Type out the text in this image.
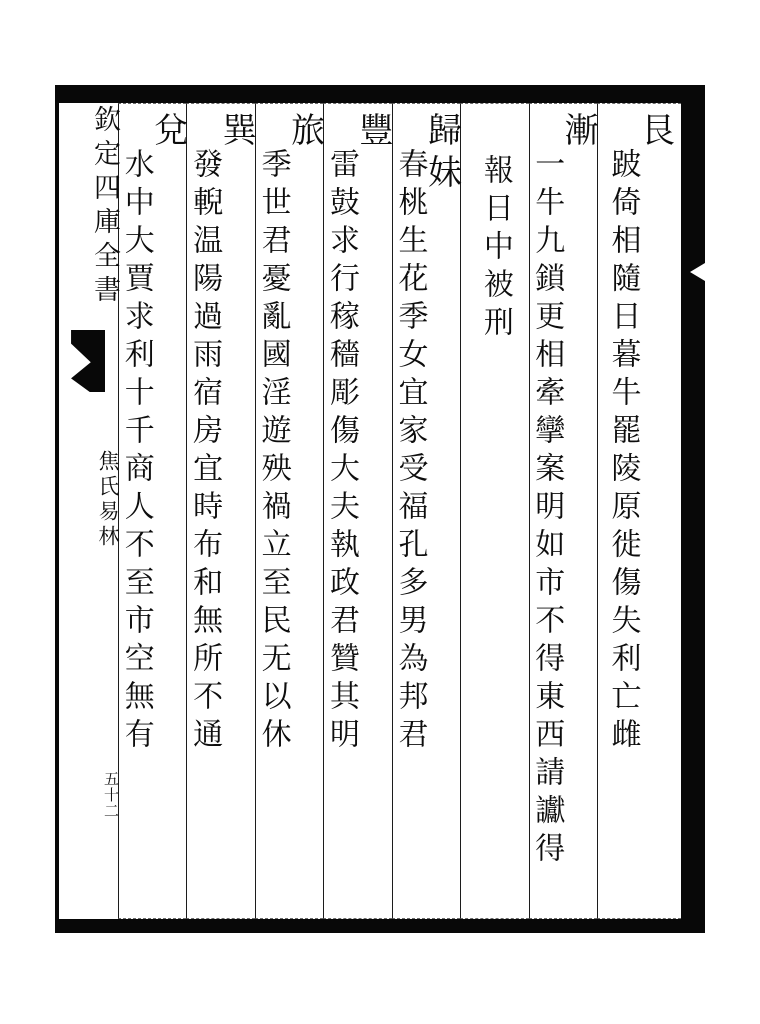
艮
跛倚相隨日暮牛罷陵原徙傷失利亡雌
漸
一牛九鎖更相牽攣案明如市不得東西請讞得
報日中被刑
歸妹
春桃生花季女宜家受福孔多男為邦君
豐
雷鼓求行稼穡彫傷大夫執政君贊其明
旅
季世君憂亂國淫遊殃禍立至民无以休
巽
發輗温陽過雨宿房宜時布和無所不通
兌
水中大賈求利十千商人不至市空無有
欽定四庫全書
焦氏易林
五十二
